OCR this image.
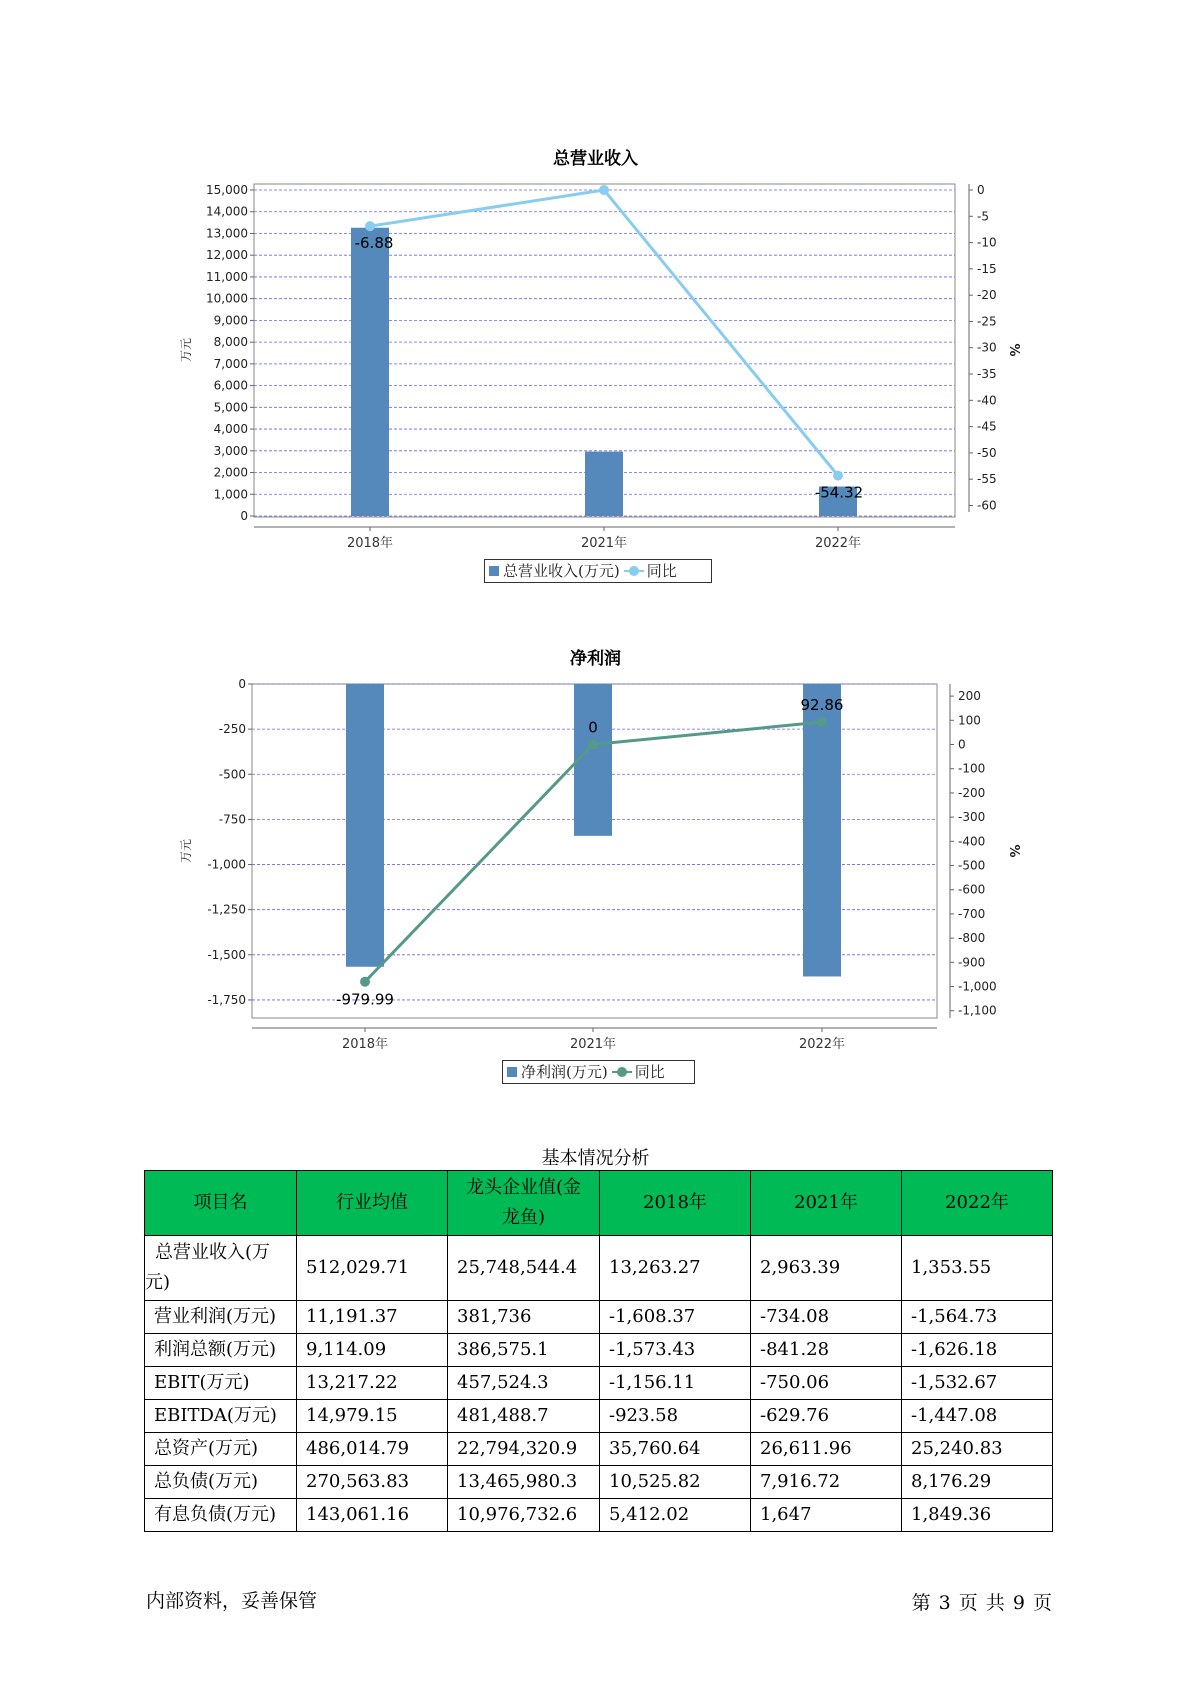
总营业收入
0
1,000
2,000
3,000
4,000
5,000
6,000
7,000
8,000
9,000
10,000
11,000
12,000
13,000
14,000
15,000	0
-5
-10
-15
-20
-25
-30
-35
-40
-45
-50
-55
-60
万元	%
2018年	2021年	2022年
-6.88
-54.32
总营业收入(万元) 同比
净利润
0
-250
-500
-750
-1,000
-1,250
-1,500
-1,750
200
100
0
-100
-200
-300
-400
-500
-600
-700
-800
-900
-1,000
-1,100
万元	%
2018年	2021年	2022年
-979.99
0
92.86
净利润(万元) 同比
基本情况分析
项目名	行业均值	龙头企业值(金龙鱼)	2018年	2021年	2022年
总营业收入(万元)	512,029.71	25,748,544.4	13,263.27	2,963.39	1,353.55
营业利润(万元)	11,191.37	381,736	-1,608.37	-734.08	-1,564.73
利润总额(万元)	9,114.09	386,575.1	-1,573.43	-841.28	-1,626.18
EBIT(万元)	13,217.22	457,524.3	-1,156.11	-750.06	-1,532.67
EBITDA(万元)	14,979.15	481,488.7	-923.58	-629.76	-1,447.08
总资产(万元)	486,014.79	22,794,320.9	35,760.64	26,611.96	25,240.83
总负债(万元)	270,563.83	13,465,980.3	10,525.82	7,916.72	8,176.29
有息负债(万元)	143,061.16	10,976,732.6	5,412.02	1,647	1,849.36
内部资料，妥善保管	第 3 页 共 9 页
